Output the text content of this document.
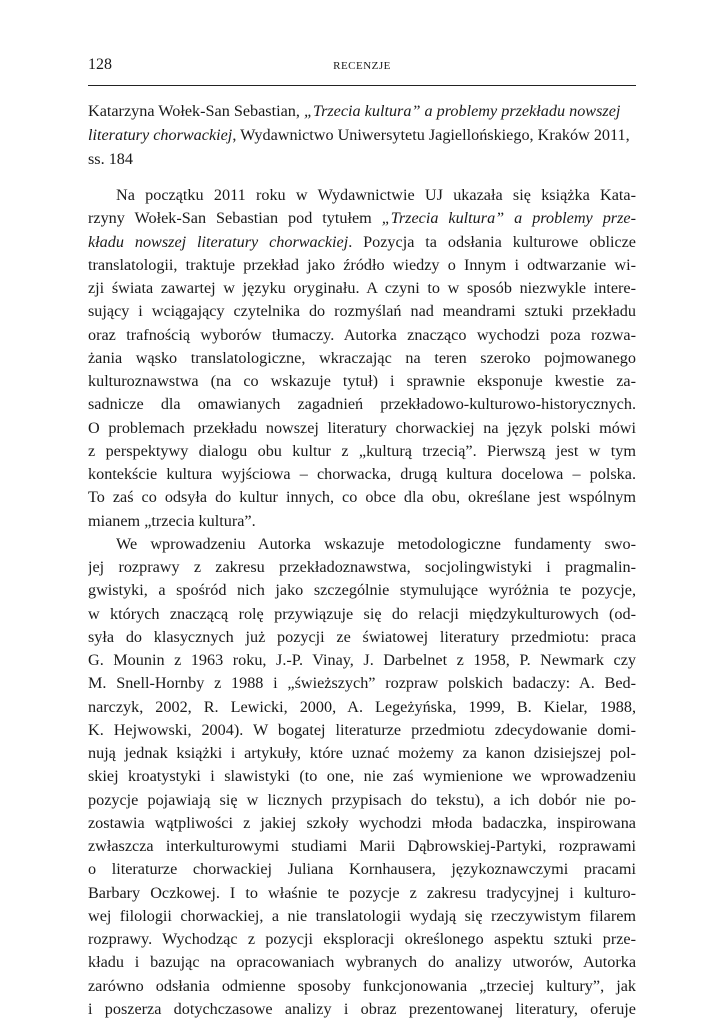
128	RECENZJE
Katarzyna Wołek-San Sebastian, „Trzecia kultura” a problemy przekładu nowszej literatury chorwackiej, Wydawnictwo Uniwersytetu Jagiellońskiego, Kraków 2011, ss. 184
Na początku 2011 roku w Wydawnictwie UJ ukazała się książka Kata-
rzyny Wołek-San Sebastian pod tytułem „Trzecia kultura” a problemy prze-
kładu nowszej literatury chorwackiej. Pozycja ta odsłania kulturowe oblicze
translatologii, traktuje przekład jako źródło wiedzy o Innym i odtwarzanie wi-
zji świata zawartej w języku oryginału. A czyni to w sposób niezwykle intere-
sujący i wciągający czytelnika do rozmyślań nad meandrami sztuki przekładu
oraz trafnością wyborów tłumaczy. Autorka znacząco wychodzi poza rozwa-
żania wąsko translatologiczne, wkraczając na teren szeroko pojmowanego
kulturoznawstwa (na co wskazuje tytuł) i sprawnie eksponuje kwestie za-
sadnicze dla omawianych zagadnień przekładowo-kulturowo-historycznych.
O problemach przekładu nowszej literatury chorwackiej na język polski mówi
z perspektywy dialogu obu kultur z „kulturą trzecią”. Pierwszą jest w tym
kontekście kultura wyjściowa – chorwacka, drugą kultura docelowa – polska.
To zaś co odsyła do kultur innych, co obce dla obu, określane jest wspólnym
mianem „trzecia kultura”.
We wprowadzeniu Autorka wskazuje metodologiczne fundamenty swo-
jej rozprawy z zakresu przekładoznawstwa, socjolingwistyki i pragmalin-
gwistyki, a spośród nich jako szczególnie stymulujące wyróżnia te pozycje,
w których znaczącą rolę przywiązuje się do relacji międzykulturowych (od-
syła do klasycznych już pozycji ze światowej literatury przedmiotu: praca
G. Mounin z 1963 roku, J.-P. Vinay, J. Darbelnet z 1958, P. Newmark czy
M. Snell-Hornby z 1988 i „świeższych” rozpraw polskich badaczy: A. Bed-
narczyk, 2002, R. Lewicki, 2000, A. Legeżyńska, 1999, B. Kielar, 1988,
K. Hejwowski, 2004). W bogatej literaturze przedmiotu zdecydowanie domi-
nują jednak książki i artykuły, które uznać możemy za kanon dzisiejszej pol-
skiej kroatystyki i slawistyki (to one, nie zaś wymienione we wprowadzeniu
pozycje pojawiają się w licznych przypisach do tekstu), a ich dobór nie po-
zostawia wątpliwości z jakiej szkoły wychodzi młoda badaczka, inspirowana
zwłaszcza interkulturowymi studiami Marii Dąbrowskiej-Partyki, rozprawami
o literaturze chorwackiej Juliana Kornhausera, językoznawczymi pracami
Barbary Oczkowej. I to właśnie te pozycje z zakresu tradycyjnej i kulturo-
wej filologii chorwackiej, a nie translatologii wydają się rzeczywistym filarem
rozprawy. Wychodząc z pozycji eksploracji określonego aspektu sztuki prze-
kładu i bazując na opracowaniach wybranych do analizy utworów, Autorka
zarówno odsłania odmienne sposoby funkcjonowania „trzeciej kultury”, jak
i poszerza dotychczasowe analizy i obraz prezentowanej literatury, oferuje
